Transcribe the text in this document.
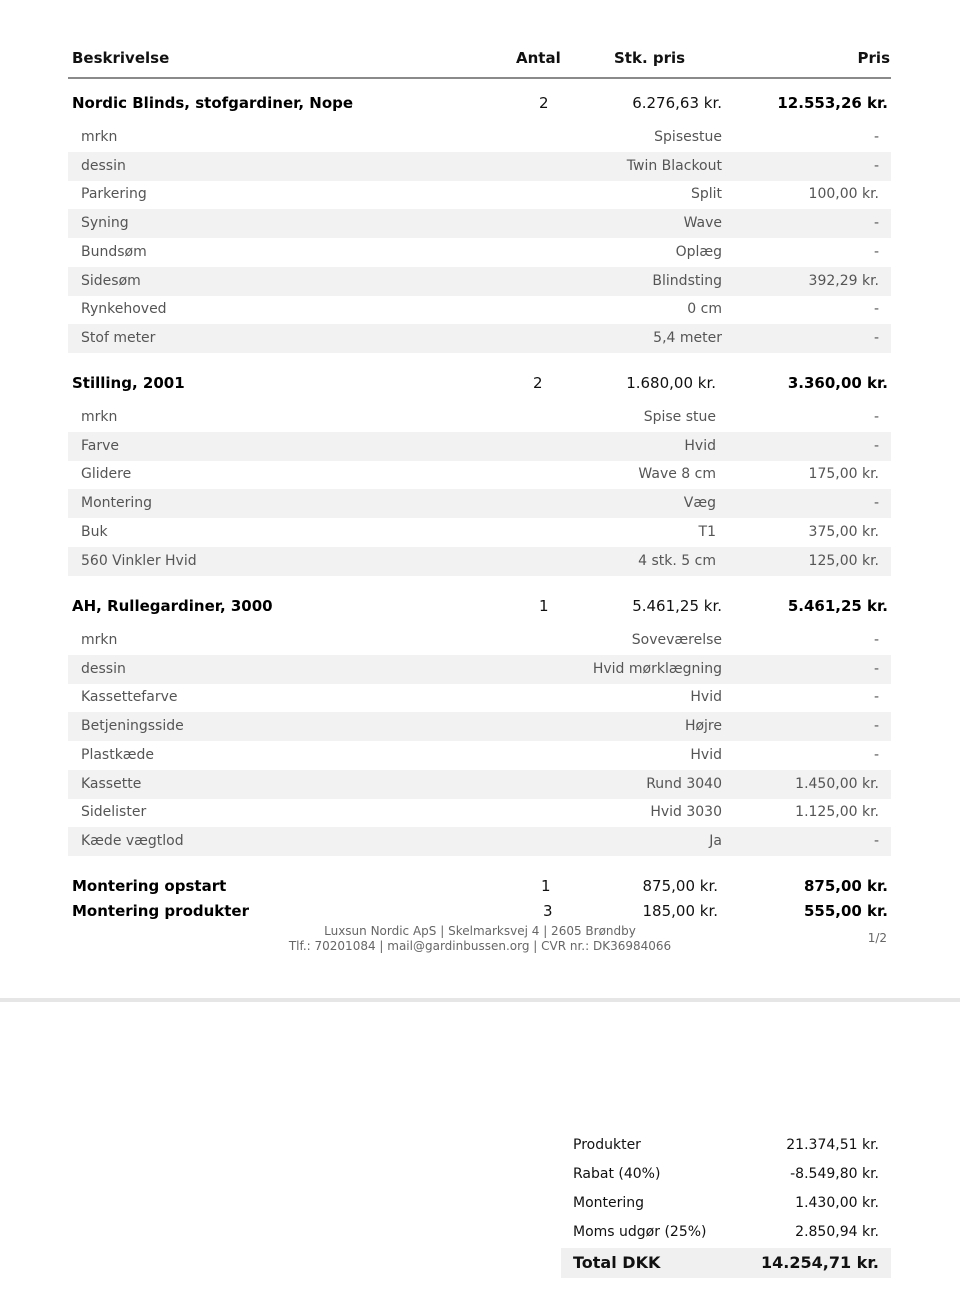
Beskrivelse	Antal	Stk. pris	Pris
Nordic Blinds, stofgardiner, Nope	2	6.276,63 kr.	12.553,26 kr.
mrkn	Spisestue	-
dessin	Twin Blackout	-
Parkering	Split	100,00 kr.
Syning	Wave	-
Bundsøm	Oplæg	-
Sidesøm	Blindsting	392,29 kr.
Rynkehoved	0 cm	-
Stof meter	5,4 meter	-
Stilling, 2001	2	1.680,00 kr.	3.360,00 kr.
mrkn	Spise stue	-
Farve	Hvid	-
Glidere	Wave 8 cm	175,00 kr.
Montering	Væg	-
Buk	T1	375,00 kr.
560 Vinkler Hvid	4 stk. 5 cm	125,00 kr.
AH, Rullegardiner, 3000	1	5.461,25 kr.	5.461,25 kr.
mrkn	Soveværelse	-
dessin	Hvid mørklægning	-
Kassettefarve	Hvid	-
Betjeningsside	Højre	-
Plastkæde	Hvid	-
Kassette	Rund 3040	1.450,00 kr.
Sidelister	Hvid 3030	1.125,00 kr.
Kæde vægtlod	Ja	-
Montering opstart	1	875,00 kr.	875,00 kr.
Montering produkter	3	185,00 kr.	555,00 kr.
Luxsun Nordic ApS | Skelmarksvej 4 | 2605 Brøndby
Tlf.: 70201084 | mail@gardinbussen.org | CVR nr.: DK36984066
1/2
Produkter	21.374,51 kr.
Rabat (40%)	-8.549,80 kr.
Montering	1.430,00 kr.
Moms udgør (25%)	2.850,94 kr.
Total DKK	14.254,71 kr.
